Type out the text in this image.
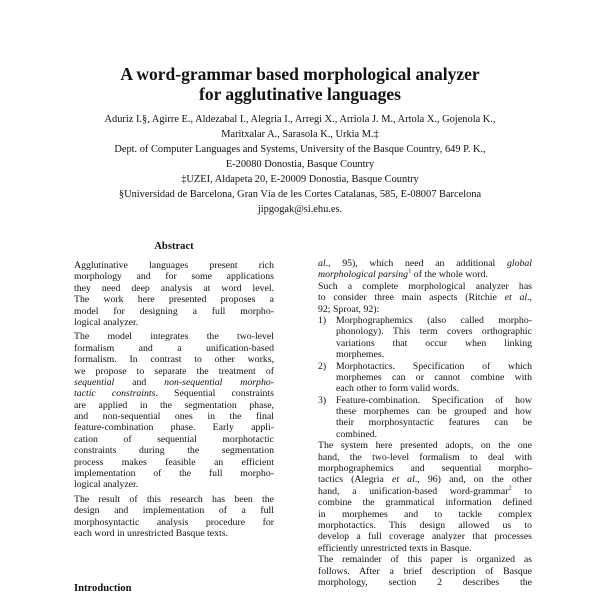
A word-grammar based morphological analyzer
for agglutinative languages
Aduriz I.§, Agirre E., Aldezabal I., Alegria I., Arregi X., Arriola J. M., Artola X., Gojenola K.,
Maritxalar A., Sarasola K., Urkia M.‡
Dept. of Computer Languages and Systems, University of the Basque Country, 649 P. K.,
E-20080 Donostia, Basque Country
‡UZEI, Aldapeta 20, E-20009 Donostia, Basque Country
§Universidad de Barcelona, Gran Vía de les Cortes Catalanas, 585, E-08007 Barcelona
jipgogak@si.ehu.es.
Abstract
Agglutinative languages present rich
morphology and for some applications
they need deep analysis at word level.
The work here presented proposes a
model for designing a full morpho-
logical analyzer.
The model integrates the two-level
formalism and a unification-based
formalism. In contrast to other works,
we propose to separate the treatment of
sequential and non-sequential morpho-
tactic constraints. Sequential constraints
are applied in the segmentation phase,
and non-sequential ones in the final
feature-combination phase. Early appli-
cation of sequential morphotactic
constraints during the segmentation
process makes feasible an efficient
implementation of the full morpho-
logical analyzer.
The result of this research has been the
design and implementation of a full
morphosyntactic analysis procedure for
each word in unrestricted Basque texts.
Introduction
al., 95), which need an additional global
morphological parsing$^1$ of the whole word.
Such a complete morphological analyzer has
to consider three main aspects (Ritchie et al.,
92; Sproat, 92):
1)	Morphographemics (also called morpho-
phonology). This term covers orthographic
variations that occur when linking
morphemes.
2)	Morphotactics. Specification of which
morphemes can or cannot combine with
each other to form valid words.
3)	Feature-combination. Specification of how
these morphemes can be grouped and how
their morphosyntactic features can be
combined.
The system here presented adopts, on the one
hand, the two-level formalism to deal with
morphographemics and sequential morpho-
tactics (Alegria et al., 96) and, on the other
hand, a unification-based word-grammar$^2$ to
combine the grammatical information defined
in morphemes and to tackle complex
morphotactics. This design allowed us to
develop a full coverage analyzer that processes
efficiently unrestricted texts in Basque.
The remainder of this paper is organized as
follows. After a brief description of Basque
morphology, section 2 describes the
